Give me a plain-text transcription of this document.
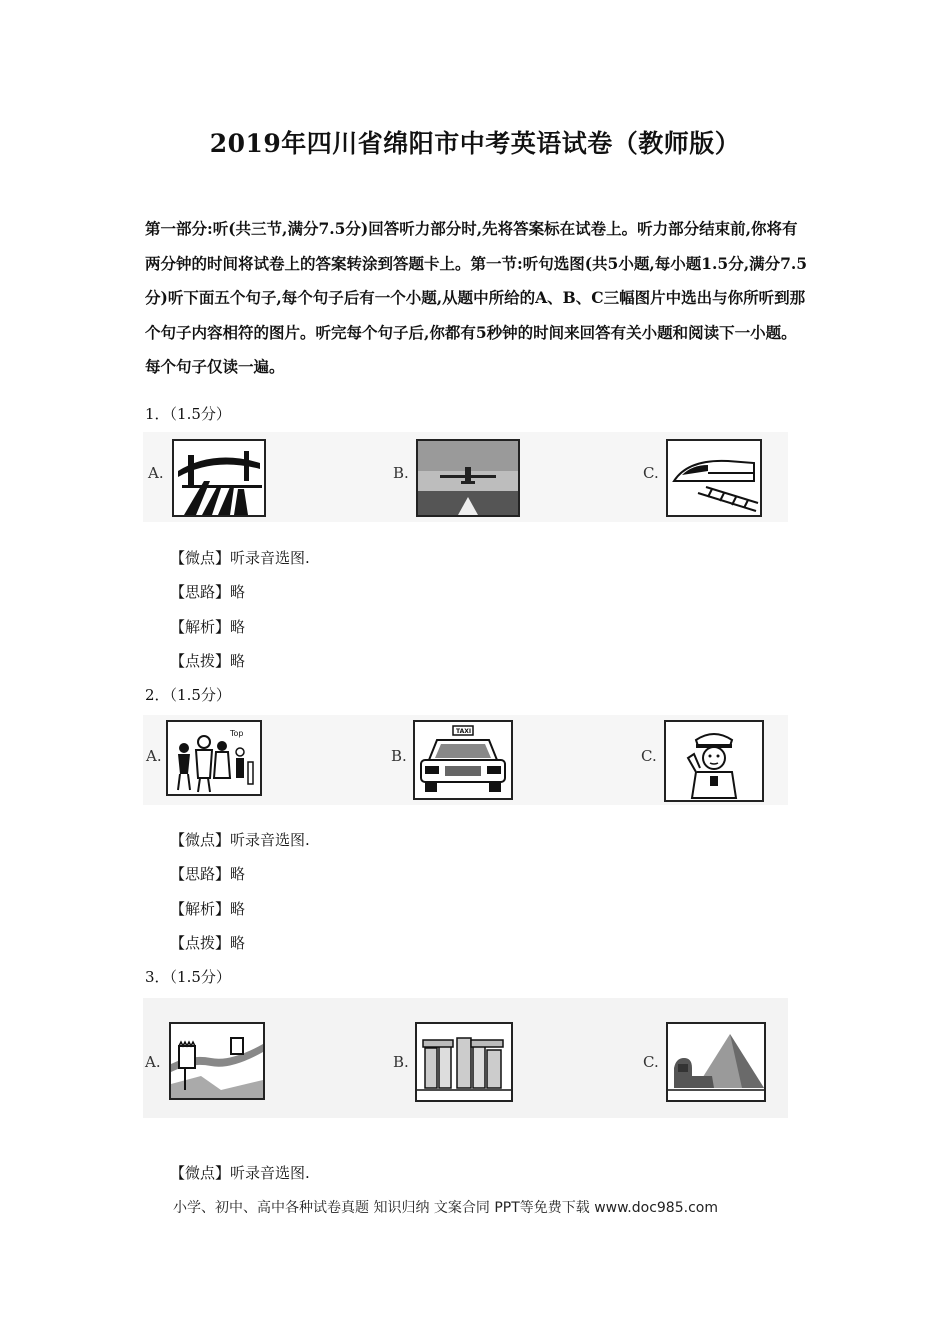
2019年四川省绵阳市中考英语试卷（教师版）

第一部分:听(共三节,满分7.5分)回答听力部分时,先将答案标在试卷上。听力部分结束前,你将有两分钟的时间将试卷上的答案转涂到答题卡上。第一节:听句选图(共5小题,每小题1.5分,满分7.5分)听下面五个句子,每个句子后有一个小题,从题中所给的A、B、C三幅图片中选出与你所听到那个句子内容相符的图片。听完每个句子后,你都有5秒钟的时间来回答有关小题和阅读下一小题。每个句子仅读一遍。

1．（1.5分）
A.	B.	C.
【微点】听录音选图.
【思路】略
【解析】略
【点拨】略
2．（1.5分）
A.
Top
B.
TAXI
C.
【微点】听录音选图.
【思路】略
【解析】略
【点拨】略
3．（1.5分）
A.	B.	C.
【微点】听录音选图.
小学、初中、高中各种试卷真题 知识归纳 文案合同 PPT等免费下载 www.doc985.com
